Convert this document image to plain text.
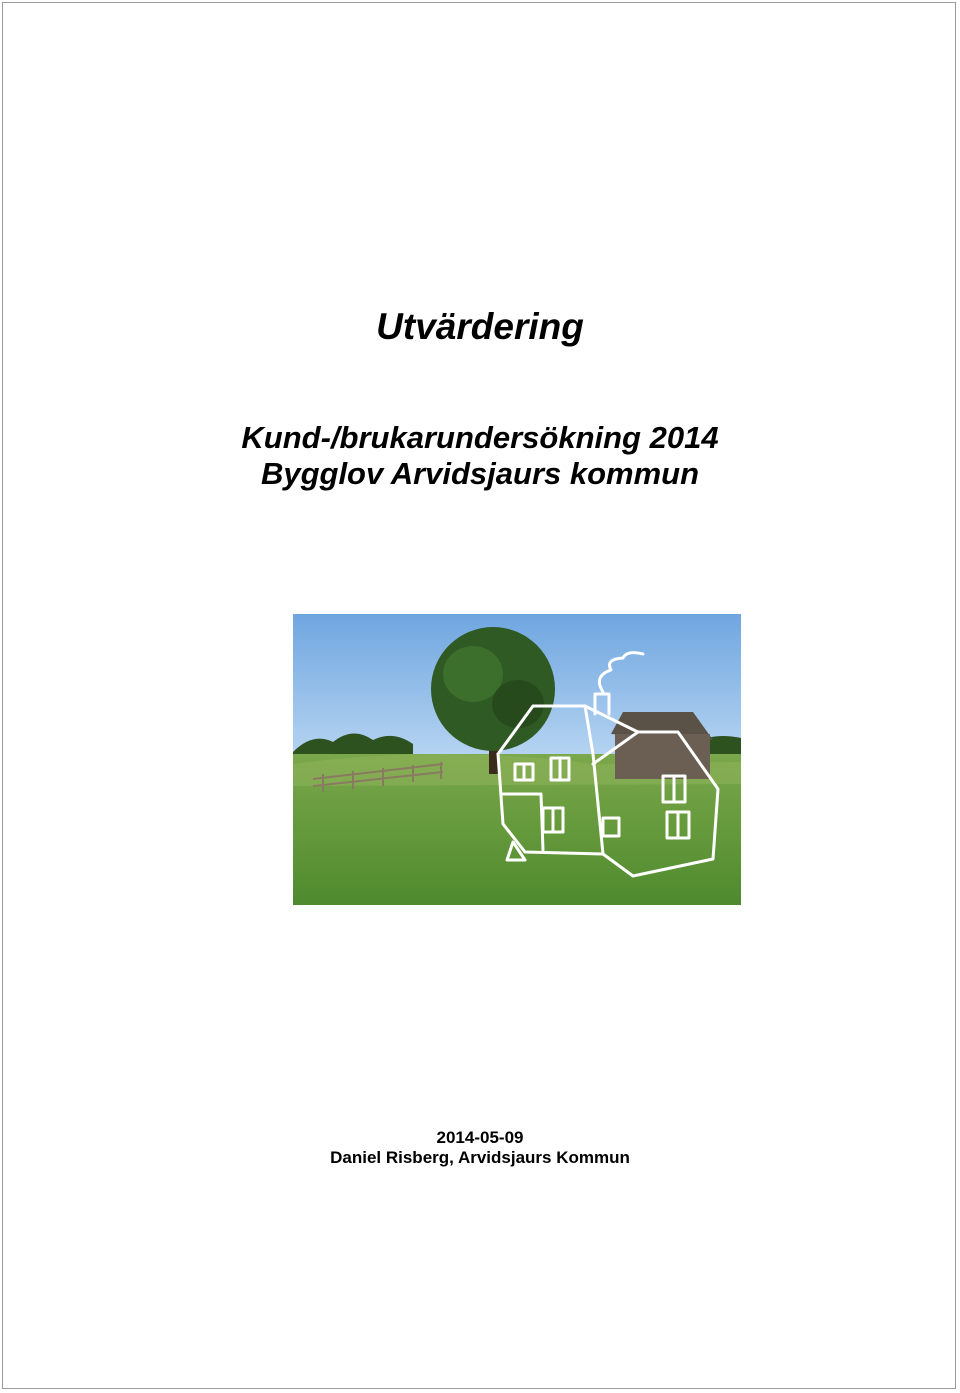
Utvärdering
Kund-/brukarundersökning 2014
Bygglov Arvidsjaurs kommun
2014-05-09
Daniel Risberg, Arvidsjaurs Kommun
